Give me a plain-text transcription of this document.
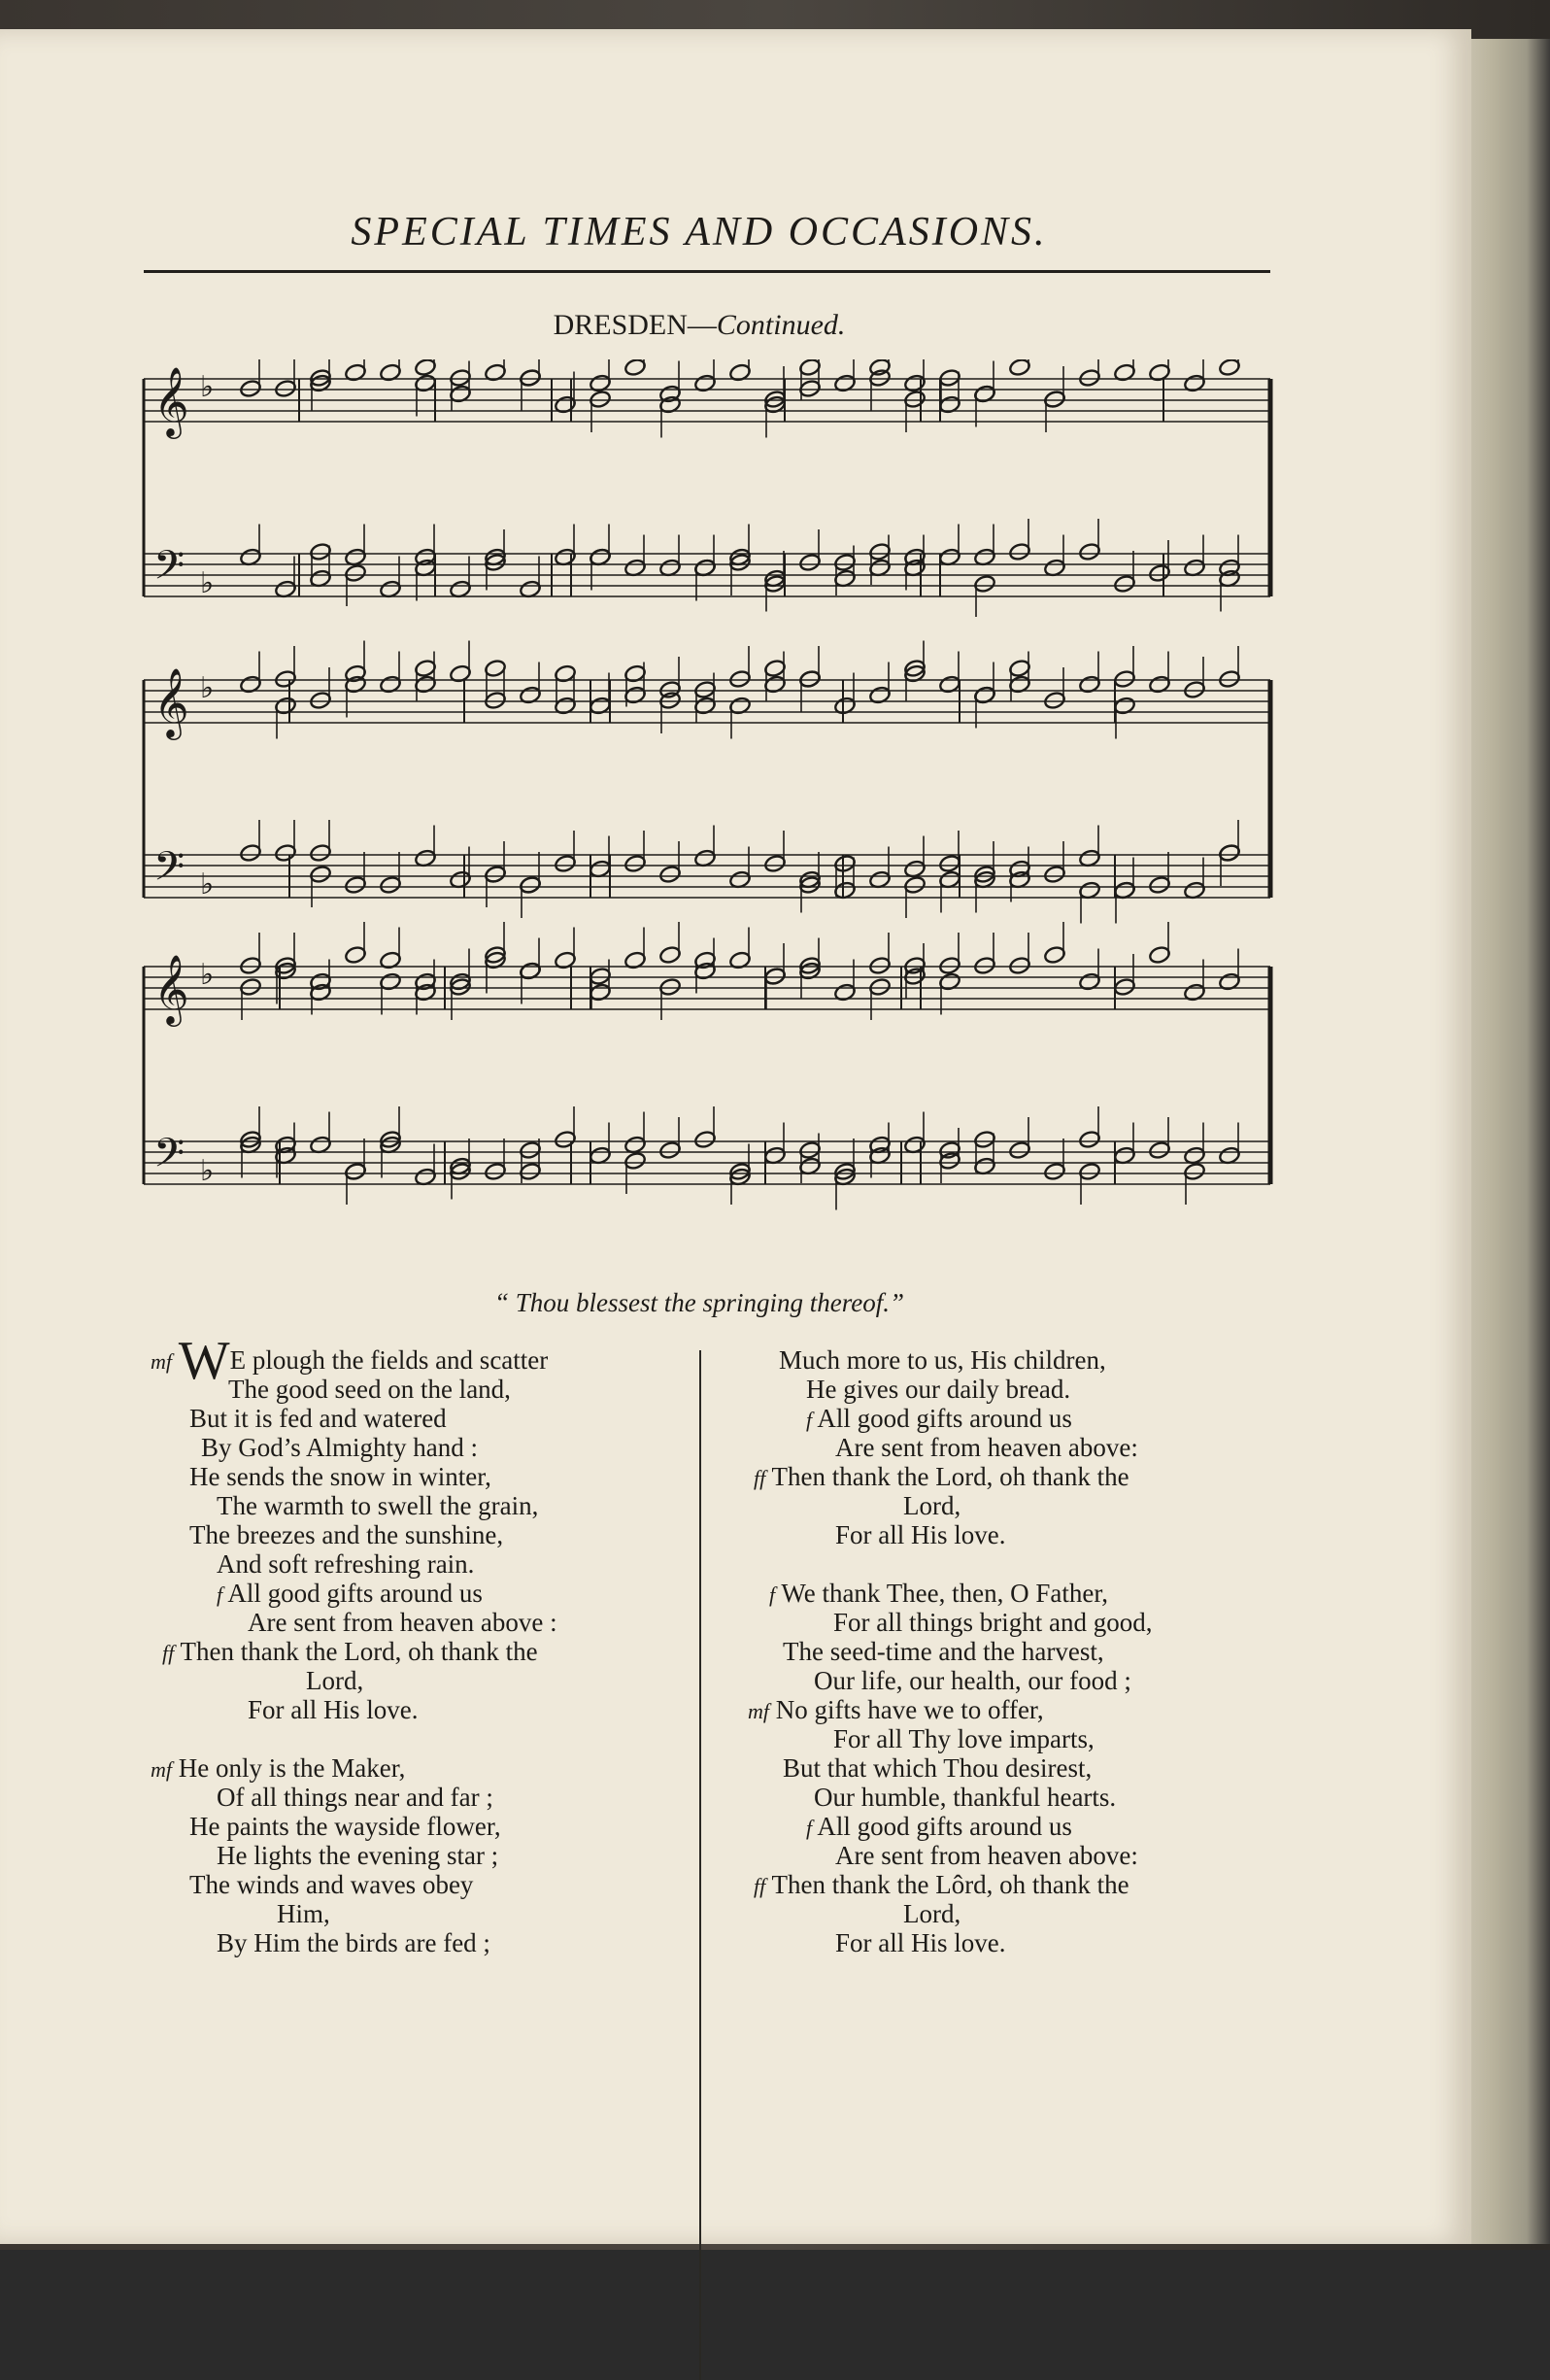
SPECIAL TIMES AND OCCASIONS.
DRESDEN—Continued.
𝄞
𝄢
♭
♭
𝄞
𝄢
♭
♭
𝄞
𝄢
♭
♭
“ Thou blessest the springing thereof.”
mf WE plough the fields and scatter
The good seed on the land,
But it is fed and watered
By God’s Almighty hand :
He sends the snow in winter,
The warmth to swell the grain,
The breezes and the sunshine,
And soft refreshing rain.
f All good gifts around us
Are sent from heaven above :
ff Then thank the Lord, oh thank the
Lord,
For all His love.
mf He only is the Maker,
Of all things near and far ;
He paints the wayside flower,
He lights the evening star ;
The winds and waves obey
Him,
By Him the birds are fed ;
Much more to us, His children,
He gives our daily bread.
f All good gifts around us
Are sent from heaven above:
ff Then thank the Lord, oh thank the
Lord,
For all His love.
f We thank Thee, then, O Father,
For all things bright and good,
The seed-time and the harvest,
Our life, our health, our food ;
mf No gifts have we to offer,
For all Thy love imparts,
But that which Thou desirest,
Our humble, thankful hearts.
f All good gifts around us
Are sent from heaven above:
ff Then thank the Lôrd, oh thank the
Lord,
For all His love.
